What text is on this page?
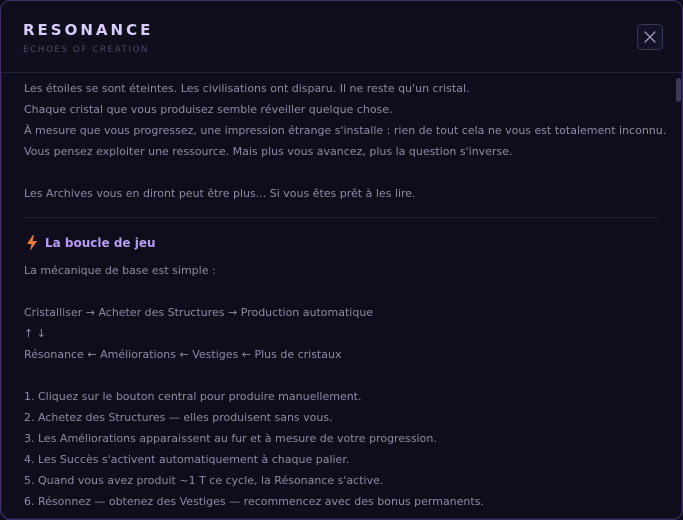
RESONANCE
ECHOES OF CREATION
Les étoiles se sont éteintes. Les civilisations ont disparu. Il ne reste qu'un cristal.
Chaque cristal que vous produisez semble réveiller quelque chose.
À mesure que vous progressez, une impression étrange s'installe : rien de tout cela ne vous est totalement inconnu.
Vous pensez exploiter une ressource. Mais plus vous avancez, plus la question s'inverse.
Les Archives vous en diront peut être plus... Si vous êtes prêt à les lire.
La boucle de jeu
La mécanique de base est simple :
Cristalliser → Acheter des Structures → Production automatique
↑ ↓
Résonance ← Améliorations ← Vestiges ← Plus de cristaux
1. Cliquez sur le bouton central pour produire manuellement.
2. Achetez des Structures — elles produisent sans vous.
3. Les Améliorations apparaissent au fur et à mesure de votre progression.
4. Les Succès s'activent automatiquement à chaque palier.
5. Quand vous avez produit ~1 T ce cycle, la Résonance s'active.
6. Résonnez — obtenez des Vestiges — recommencez avec des bonus permanents.
